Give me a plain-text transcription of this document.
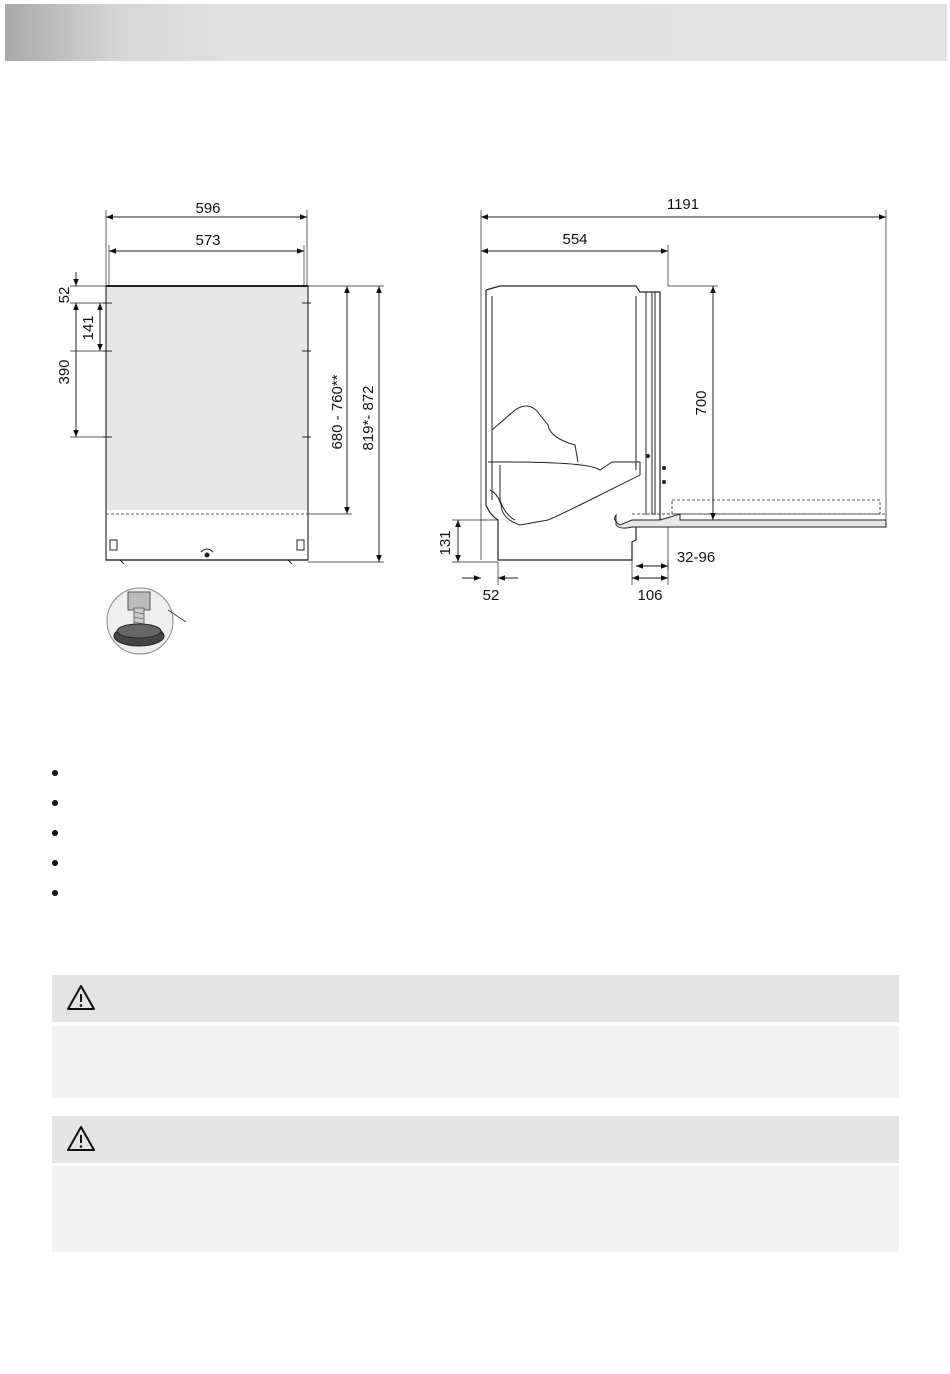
596
573
52
141
390
680 - 760** 819*- 872
1191
554
700
131
52	106
32-96
